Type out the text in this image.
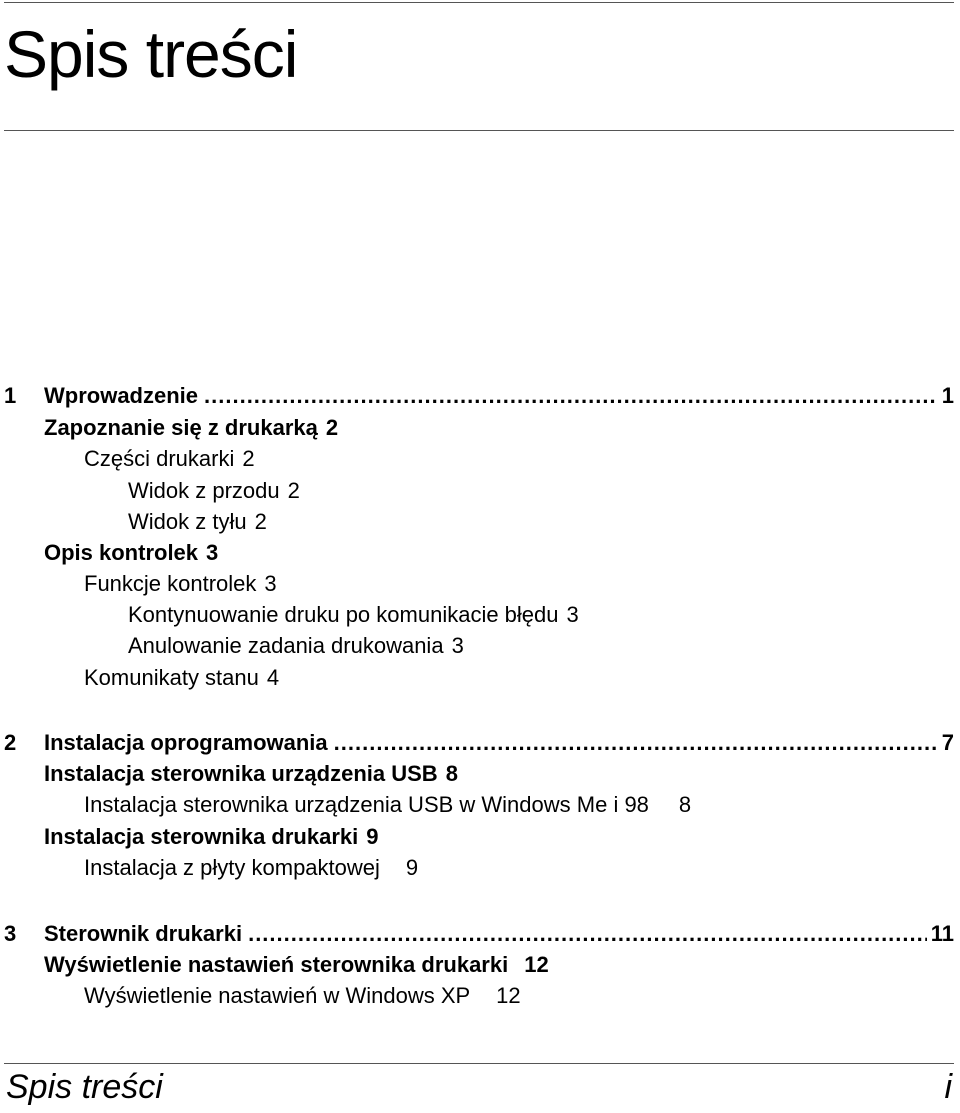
Spis treści
1 Wprowadzenie .....	1
Zapoznanie się z drukarką 2
Części drukarki 2
Widok z przodu 2
Widok z tyłu 2
Opis kontrolek 3
Funkcje kontrolek 3
Kontynuowanie druku po komunikacie błędu 3
Anulowanie zadania drukowania 3
Komunikaty stanu 4
2 Instalacja oprogramowania .....	7
Instalacja sterownika urządzenia USB 8
Instalacja sterownika urządzenia USB w Windows Me i 98 8
Instalacja sterownika drukarki 9
Instalacja z płyty kompaktowej 9
3 Sterownik drukarki .....	11
Wyświetlenie nastawień sterownika drukarki 12
Wyświetlenie nastawień w Windows XP 12
Spis treści	i
